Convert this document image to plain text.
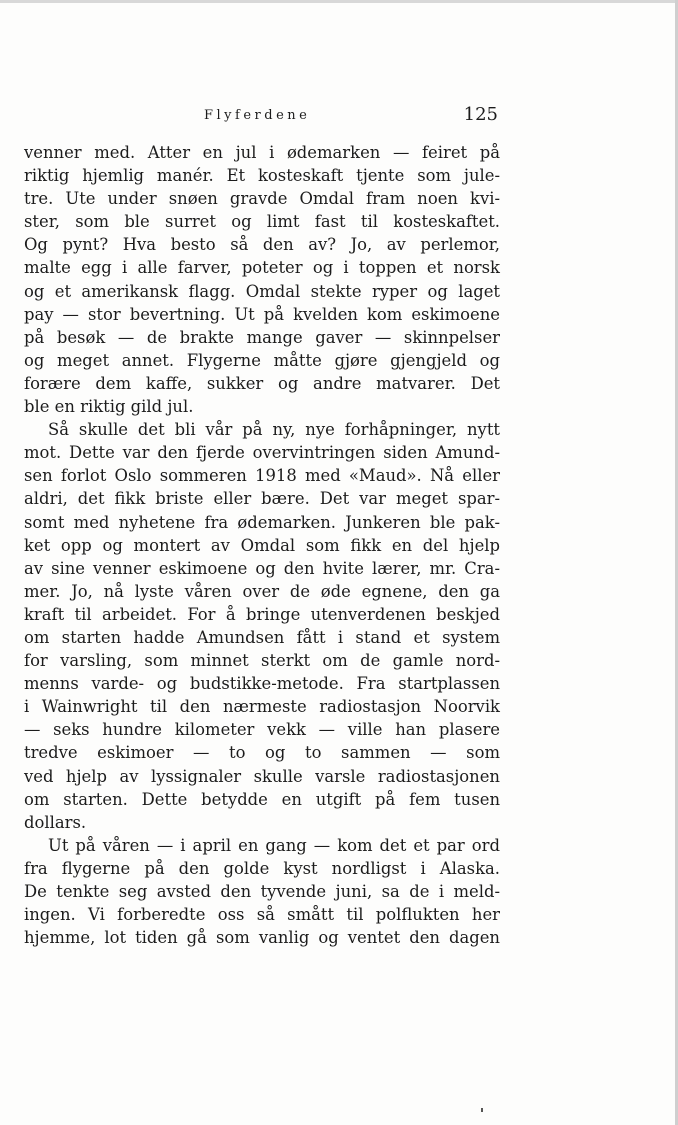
Flyferdene	125
venner med. Atter en jul i ødemarken — feiret på
riktig hjemlig manér. Et kosteskaft tjente som jule-
tre. Ute under snøen gravde Omdal fram noen kvi-
ster, som ble surret og limt fast til kosteskaftet.
Og pynt? Hva besto så den av? Jo, av perlemor,
malte egg i alle farver, poteter og i toppen et norsk
og et amerikansk flagg. Omdal stekte ryper og laget
pay — stor bevertning. Ut på kvelden kom eskimoene
på besøk — de brakte mange gaver — skinnpelser
og meget annet. Flygerne måtte gjøre gjengjeld og
forære dem kaffe, sukker og andre matvarer. Det
ble en riktig gild jul.
Så skulle det bli vår på ny, nye forhåpninger, nytt
mot. Dette var den fjerde overvintringen siden Amund-
sen forlot Oslo sommeren 1918 med «Maud». Nå eller
aldri, det fikk briste eller bære. Det var meget spar-
somt med nyhetene fra ødemarken. Junkeren ble pak-
ket opp og montert av Omdal som fikk en del hjelp
av sine venner eskimoene og den hvite lærer, mr. Cra-
mer. Jo, nå lyste våren over de øde egnene, den ga
kraft til arbeidet. For å bringe utenverdenen beskjed
om starten hadde Amundsen fått i stand et system
for varsling, som minnet sterkt om de gamle nord-
menns varde- og budstikke-metode. Fra startplassen
i Wainwright til den nærmeste radiostasjon Noorvik
— seks hundre kilometer vekk — ville han plasere
tredve eskimoer — to og to sammen — som
ved hjelp av lyssignaler skulle varsle radiostasjonen
om starten. Dette betydde en utgift på fem tusen
dollars.
Ut på våren — i april en gang — kom det et par ord
fra flygerne på den golde kyst nordligst i Alaska.
De tenkte seg avsted den tyvende juni, sa de i meld-
ingen. Vi forberedte oss så smått til polflukten her
hjemme, lot tiden gå som vanlig og ventet den dagen
